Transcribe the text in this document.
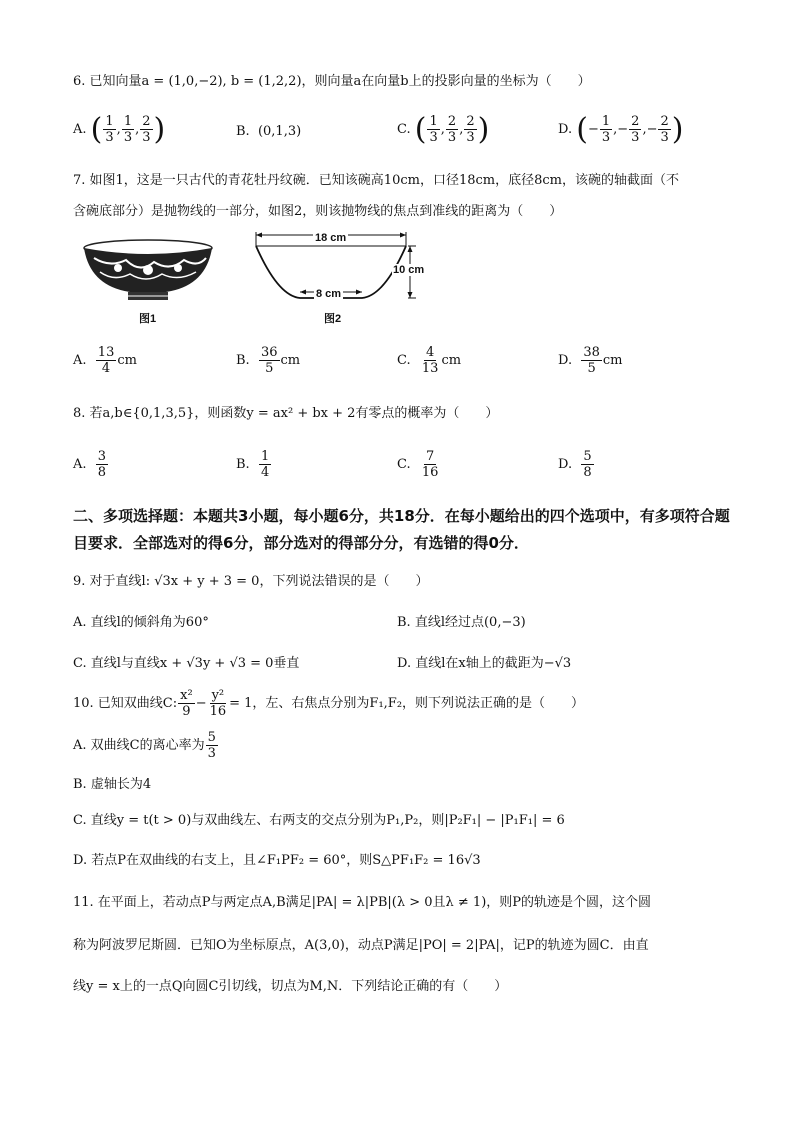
6. 已知向量a = (1,0,−2), b = (1,2,2)，则向量a在向量b上的投影向量的坐标为（　　）
A. ( $\frac{1}{3}$ , $\frac{1}{3}$ , $\frac{2}{3}$ )	B. (0,1,3)	C. ( $\frac{1}{3}$ , $\frac{2}{3}$ , $\frac{2}{3}$ )	D. (− $\frac{1}{3}$ ,− $\frac{2}{3}$ ,− $\frac{2}{3}$ )
7. 如图1，这是一只古代的青花牡丹纹碗．已知该碗高10cm，口径18cm，底径8cm，该碗的轴截面（不
含碗底部分）是抛物线的一部分，如图2，则该抛物线的焦点到准线的距离为（　　）
图1
18 cm
8 cm
10 cm
图2
A. $\frac{13}{4}$ cm	B. $\frac{36}{5}$ cm	C. $\frac{4}{13}$ cm	D. $\frac{38}{5}$ cm
8. 若a,b∈{0,1,3,5}，则函数y = ax² + bx + 2有零点的概率为（　　）
A. $\frac{3}{8}$	B. $\frac{1}{4}$	C. $\frac{7}{16}$	D. $\frac{5}{8}$
二、多项选择题：本题共3小题，每小题6分，共18分．在每小题给出的四个选项中，有多项符合题目要求．全部选对的得6分，部分选对的得部分分，有选错的得0分．
9. 对于直线l: √3x + y + 3 = 0，下列说法错误的是（　　）
A. 直线l的倾斜角为60°	B. 直线l经过点(0,−3)
C. 直线l与直线x + √3y + √3 = 0垂直	D. 直线l在x轴上的截距为−√3
10. 已知双曲线C: $\frac{\text{x²}}{9} - \frac{\text{y²}}{16} = 1$，左、右焦点分别为F₁,F₂，则下列说法正确的是（　　）
A. 双曲线C的离心率为 $\frac{5}{3}$
B. 虚轴长为4
C. 直线y = t(t > 0)与双曲线左、右两支的交点分别为P₁,P₂，则|P₂F₁| − |P₁F₁| = 6
D. 若点P在双曲线的右支上，且∠F₁PF₂ = 60°，则S△PF₁F₂ = 16√3
11. 在平面上，若动点P与两定点A,B满足|PA| = λ|PB|(λ > 0且λ ≠ 1)，则P的轨迹是个圆，这个圆
称为阿波罗尼斯圆．已知O为坐标原点，A(3,0)，动点P满足|PO| = 2|PA|，记P的轨迹为圆C．由直
线y = x上的一点Q向圆C引切线，切点为M,N．下列结论正确的有（　　）
